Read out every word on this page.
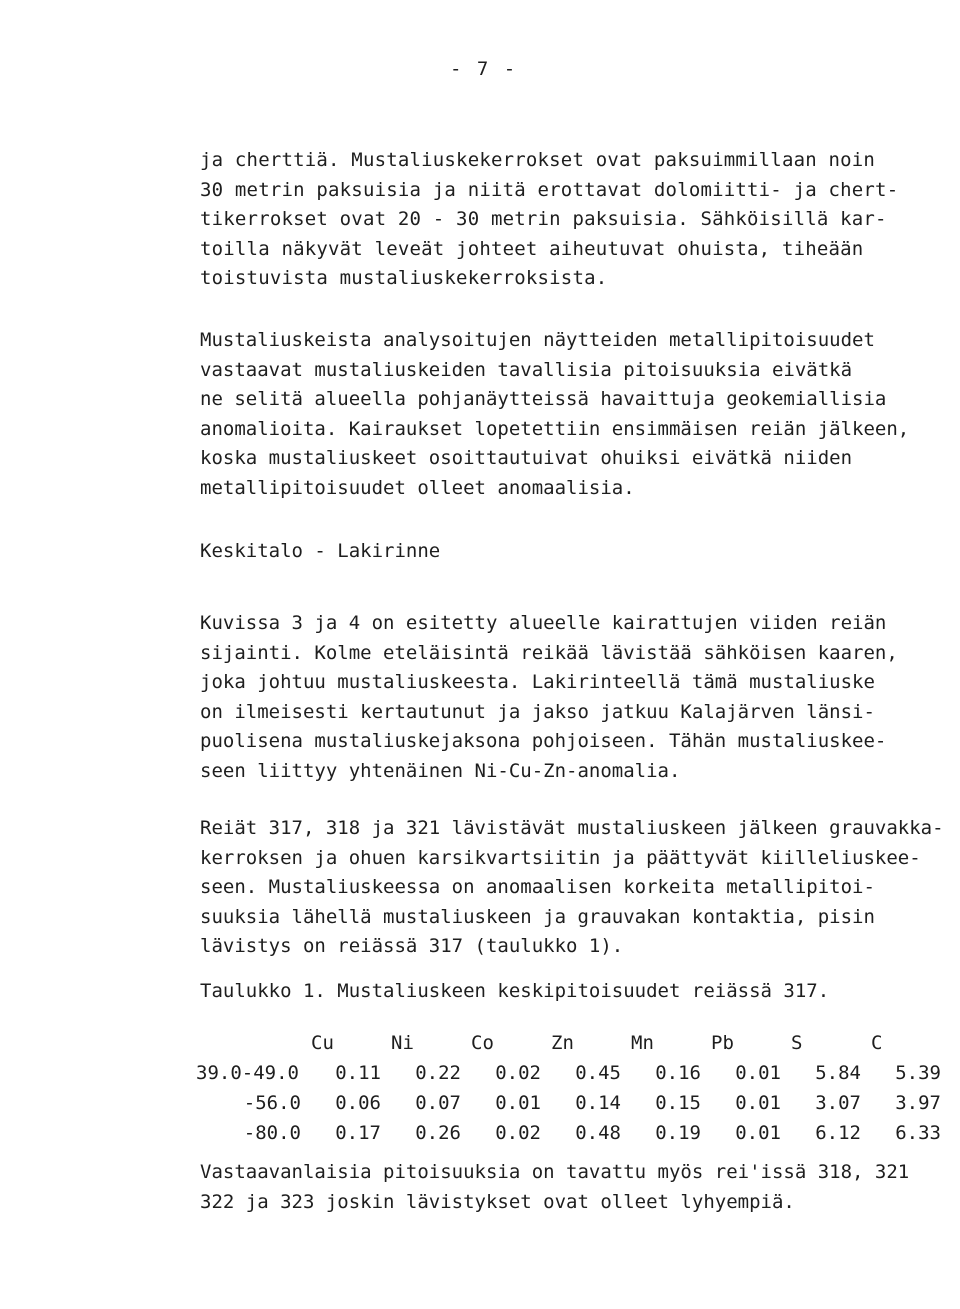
- 7 -
ja cherttiä. Mustaliuskekerrokset ovat paksuimmillaan noin
30 metrin paksuisia ja niitä erottavat dolomiitti- ja chert-
tikerrokset ovat 20 - 30 metrin paksuisia. Sähköisillä kar-
toilla näkyvät leveät johteet aiheutuvat ohuista, tiheään
toistuvista mustaliuskekerroksista.
Mustaliuskeista analysoitujen näytteiden metallipitoisuudet
vastaavat mustaliuskeiden tavallisia pitoisuuksia eivätkä
ne selitä alueella pohjanäytteissä havaittuja geokemiallisia
anomalioita. Kairaukset lopetettiin ensimmäisen reiän jälkeen,
koska mustaliuskeet osoittautuivat ohuiksi eivätkä niiden
metallipitoisuudet olleet anomaalisia.
Keskitalo - Lakirinne
Kuvissa 3 ja 4 on esitetty alueelle kairattujen viiden reiän
sijainti. Kolme eteläisintä reikää lävistää sähköisen kaaren,
joka johtuu mustaliuskeesta. Lakirinteellä tämä mustaliuske
on ilmeisesti kertautunut ja jakso jatkuu Kalajärven länsi-
puolisena mustaliuskejaksona pohjoiseen. Tähän mustaliuskee-
seen liittyy yhtenäinen Ni-Cu-Zn-anomalia.
Reiät 317, 318 ja 321 lävistävät mustaliuskeen jälkeen grauvakka-
kerroksen ja ohuen karsikvartsiitin ja päättyvät kiilleliuskee-
seen. Mustaliuskeessa on anomaalisen korkeita metallipitoi-
suuksia lähellä mustaliuskeen ja grauvakan kontaktia, pisin
lävistys on reiässä 317 (taulukko 1).
Taulukko 1. Mustaliuskeen keskipitoisuudet reiässä 317.
	Cu	Ni	Co	Zn	Mn	Pb	S	C
39.0-49.0	0.11	0.22	0.02	0.45	0.16	0.01	5.84	5.39
-56.0	0.06	0.07	0.01	0.14	0.15	0.01	3.07	3.97
-80.0	0.17	0.26	0.02	0.48	0.19	0.01	6.12	6.33
Vastaavanlaisia pitoisuuksia on tavattu myös rei'issä 318, 321
322 ja 323 joskin lävistykset ovat olleet lyhyempiä.
